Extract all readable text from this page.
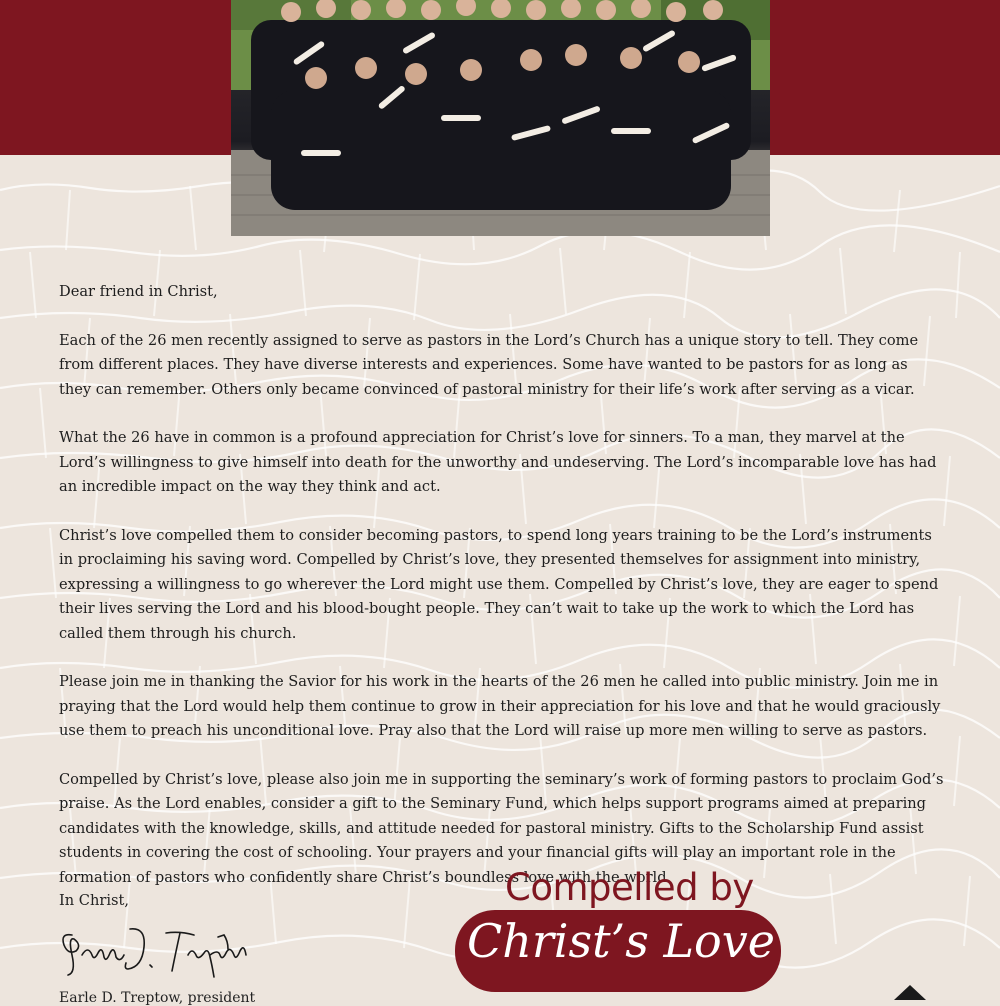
Dear friend in Christ,

Each of the 26 men recently assigned to serve as pastors in the Lord’s Church has a unique story to tell. They come from different places. They have diverse interests and experiences. Some have wanted to be pastors for as long as they can remember. Others only became convinced of pastoral ministry for their life’s work after serving as a vicar.

What the 26 have in common is a profound appreciation for Christ’s love for sinners. To a man, they marvel at the Lord’s willingness to give himself into death for the unworthy and undeserving. The Lord’s incomparable love has had an incredible impact on the way they think and act.

Christ’s love compelled them to consider becoming pastors, to spend long years training to be the Lord’s instruments in proclaiming his saving word. Compelled by Christ’s love, they presented themselves for assignment into ministry, expressing a willingness to go wherever the Lord might use them. Compelled by Christ’s love, they are eager to spend their lives serving the Lord and his blood-bought people. They can’t wait to take up the work to which the Lord has called them through his church.

Please join me in thanking the Savior for his work in the hearts of the 26 men he called into public ministry. Join me in praying that the Lord would help them continue to grow in their appreciation for his love and that he would graciously use them to preach his unconditional love. Pray also that the Lord will raise up more men willing to serve as pastors.

Compelled by Christ’s love, please also join me in supporting the seminary’s work of forming pastors to proclaim God’s praise. As the Lord enables, consider a gift to the Seminary Fund, which helps support programs aimed at preparing candidates with the knowledge, skills, and attitude needed for pastoral ministry. Gifts to the Scholarship Fund assist students in covering the cost of schooling. Your prayers and your financial gifts will play an important role in the formation of pastors who confidently share Christ’s boundless love with the world.

In Christ,
Earle D. Treptow, president
Compelled by
Christ’s Love
